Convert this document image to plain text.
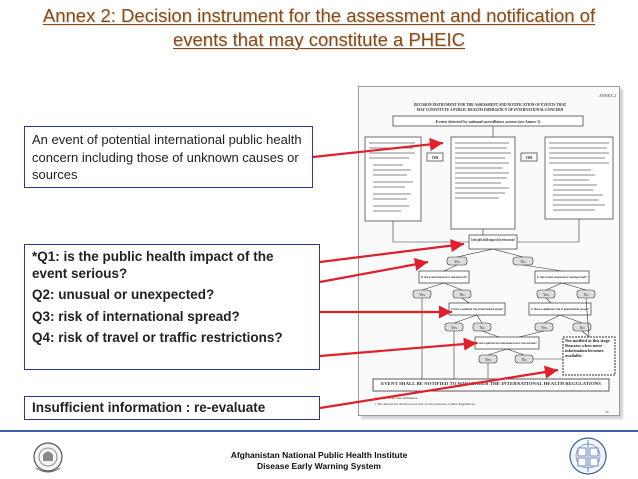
Annex 2: Decision instrument for the assessment and notification of
events that may constitute a PHEIC
ANNEX 2
DECISION INSTRUMENT FOR THE ASSESSMENT AND NOTIFICATION OF EVENTS THAT
MAY CONSTITUTE A PUBLIC HEALTH EMERGENCY OF INTERNATIONAL CONCERN
Events detected by national surveillance system (see Annex 1)
OR	OR
Is the public health impact of the event serious?
Yes	No
Is the event unusual or unexpected?	Is the event unusual or unexpected?
Yes	No	Yes	No
Is there a significant risk of international spread?	Is there a significant risk of international spread?
Yes	No	Yes	No
Is there a significant risk of international travel or trade restrictions?
Yes	No
Not notified at this stage. Reassess when more information becomes available.
EVENT SHALL BE NOTIFIED TO WHO UNDER THE INTERNATIONAL HEALTH REGULATIONS
* As per WHO case definitions.
† The disease list shall be used only for the purposes of these Regulations.
43
An event of potential international public health concern including those of unknown causes or sources
*Q1: is the public health impact of the event serious?
Q2: unusual or unexpected?
Q3: risk of international spread?
Q4: risk of travel or traffic restrictions?
Insufficient information : re-evaluate
Afghanistan National Public Health Institute
Disease Early Warning System
